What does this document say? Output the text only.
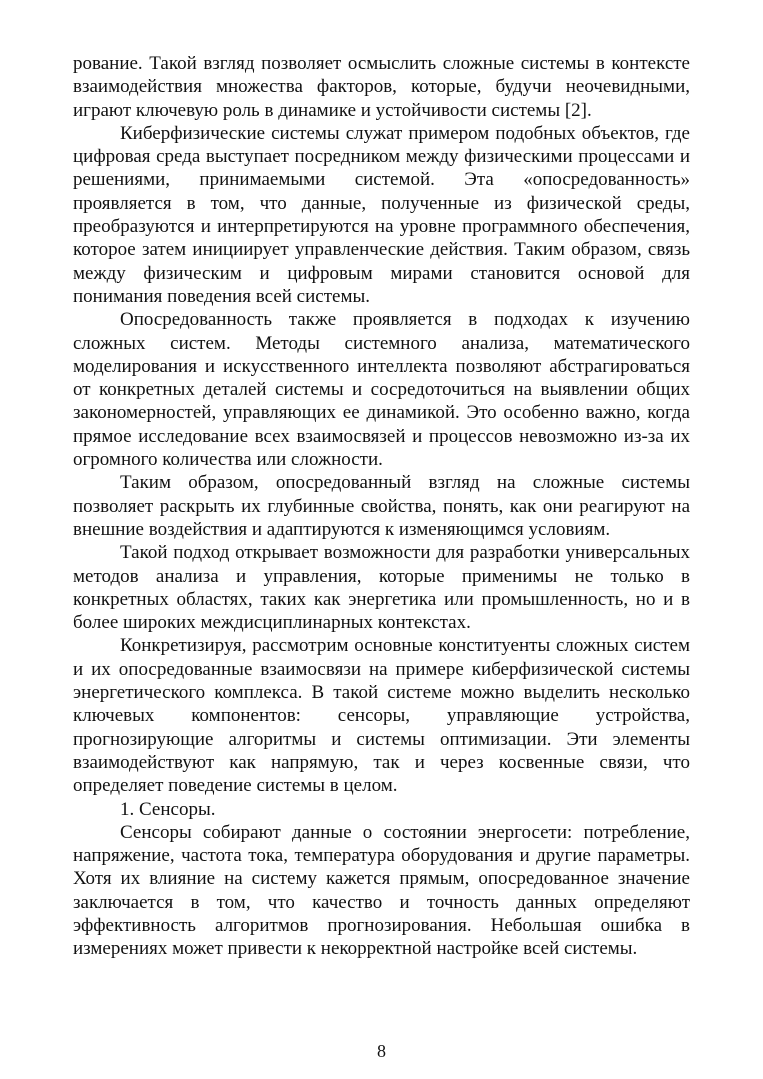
рование. Такой взгляд позволяет осмыслить сложные системы в контексте взаимодействия множества факторов, которые, будучи неочевидными, играют ключевую роль в динамике и устойчивости системы [2].

Киберфизические системы служат примером подобных объектов, где цифровая среда выступает посредником между физическими процессами и решениями, принимаемыми системой. Эта «опосредованность» проявляется в том, что данные, полученные из физической среды, преобразуются и интерпретируются на уровне программного обеспечения, которое затем инициирует управленческие действия. Таким образом, связь между физическим и цифровым мирами становится основой для понимания поведения всей системы.

Опосредованность также проявляется в подходах к изучению сложных систем. Методы системного анализа, математического моделирования и искусственного интеллекта позволяют абстрагироваться от конкретных деталей системы и сосредоточиться на выявлении общих закономерностей, управляющих ее динамикой. Это особенно важно, когда прямое исследование всех взаимосвязей и процессов невозможно из-за их огромного количества или сложности.

Таким образом, опосредованный взгляд на сложные системы позволяет раскрыть их глубинные свойства, понять, как они реагируют на внешние воздействия и адаптируются к изменяющимся условиям.

Такой подход открывает возможности для разработки универсальных методов анализа и управления, которые применимы не только в конкретных областях, таких как энергетика или промышленность, но и в более широких междисциплинарных контекстах.

Конкретизируя, рассмотрим основные конституенты сложных систем и их опосредованные взаимосвязи на примере киберфизической системы энергетического комплекса. В такой системе можно выделить несколько ключевых компонентов: сенсоры, управляющие устройства, прогнозирующие алгоритмы и системы оптимизации. Эти элементы взаимодействуют как напрямую, так и через косвенные связи, что определяет поведение системы в целом.

1. Сенсоры.

Сенсоры собирают данные о состоянии энергосети: потребление, напряжение, частота тока, температура оборудования и другие параметры. Хотя их влияние на систему кажется прямым, опосредованное значение заключается в том, что качество и точность данных определяют эффективность алгоритмов прогнозирования. Небольшая ошибка в измерениях может привести к некорректной настройке всей системы.

8
